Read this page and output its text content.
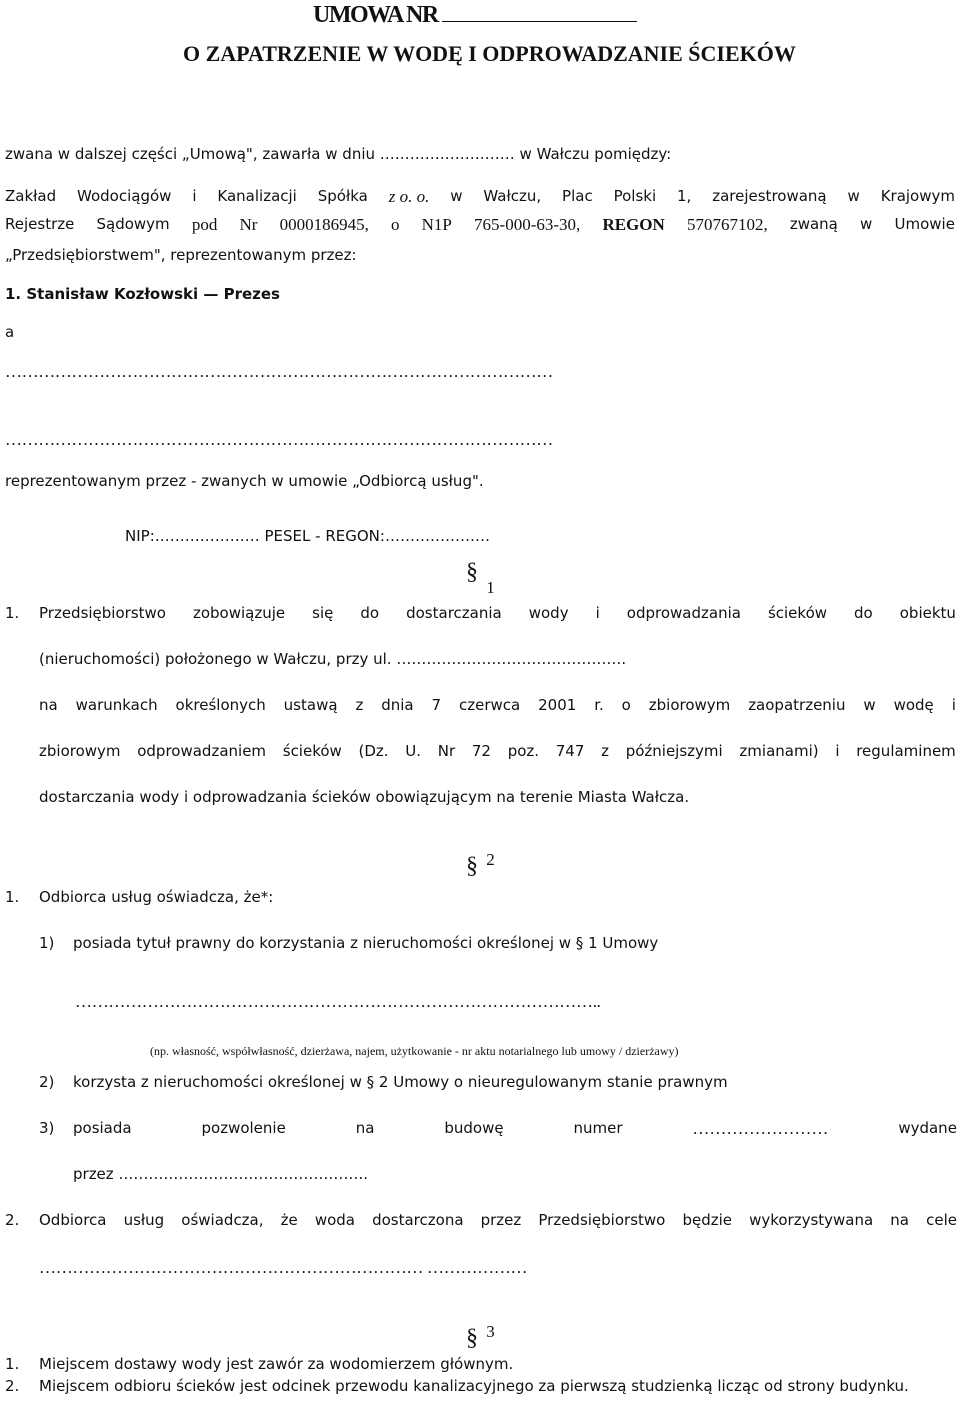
UMOWA NR
O ZAPATRZENIE W WODĘ I ODPROWADZANIE ŚCIEKÓW
zwana w dalszej części „Umową", zawarła w dniu ……………………… w Wałczu pomiędzy:
Zakład Wodociągów i Kanalizacji Spółka z o. o. w Wałczu, Plac Polski 1, zarejestrowaną w Krajowym
Rejestrze Sądowym pod Nr 0000186945, o N1P 765-000-63-30, REGON 570767102, zwaną w Umowie
„Przedsiębiorstwem", reprezentowanym przez:
1. Stanisław Kozłowski — Prezes
a
………………………………………………………………………………………
………………………………………………………………………………………
reprezentowanym przez - zwanych w umowie „Odbiorcą usług".
NIP:………………… PESEL - REGON:…………………
§ 1
1. Przedsiębiorstwo zobowiązuje się do dostarczania wody i odprowadzania ścieków do obiektu
(nieruchomości) położonego w Wałczu, przy ul. ……………………………………….
na warunkach określonych ustawą z dnia 7 czerwca 2001 r. o zbiorowym zaopatrzeniu w wodę i
zbiorowym odprowadzaniem ścieków (Dz. U. Nr 72 poz. 747 z późniejszymi zmianami) i regulaminem
dostarczania wody i odprowadzania ścieków obowiązującym na terenie Miasta Wałcza.
§ 2
1. Odbiorca usług oświadcza, że*:
1) posiada tytuł prawny do korzystania z nieruchomości określonej w § 1 Umowy
…………………………………………………………………………………..
(np. własność, współwłasność, dzierżawa, najem, użytkowanie - nr aktu notarialnego lub umowy / dzierżawy)
2) korzysta z nieruchomości określonej w § 2 Umowy o nieuregulowanym stanie prawnym
3) posiada	pozwolenie	na	budowę	numer	……………………	wydane
przez …………………………………………..
2. Odbiorca usług oświadcza, że woda dostarczona przez Przedsiębiorstwo będzie wykorzystywana na cele
…………………………………………………………… ………………
§ 3
1. Miejscem dostawy wody jest zawór za wodomierzem głównym.
2. Miejscem odbioru ścieków jest odcinek przewodu kanalizacyjnego za pierwszą studzienką licząc od strony budynku.
